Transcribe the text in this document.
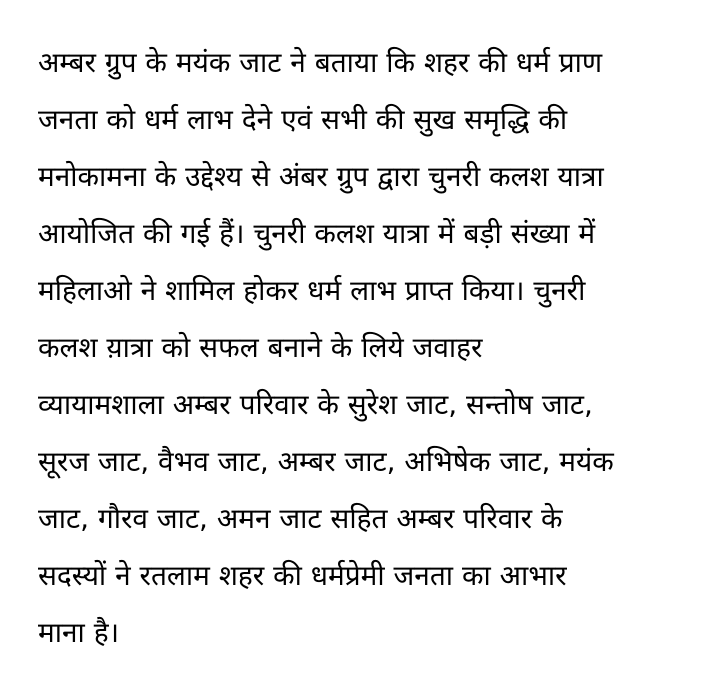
अम्बर ग्रुप के मयंक जाट ने बताया कि शहर की धर्म प्राण
जनता को धर्म लाभ देने एवं सभी की सुख समृद्धि की
मनोकामना के उद्देश्य से अंबर ग्रुप द्वारा चुनरी कलश यात्रा
आयोजित की गई हैं। चुनरी कलश यात्रा में बड़ी संख्या में
महिलाओ ने शामिल होकर धर्म लाभ प्राप्त किया। चुनरी
कलश य़ात्रा को सफल बनाने के लिये जवाहर
व्यायामशाला अम्बर परिवार के सुरेश जाट, सन्तोष जाट,
सूरज जाट, वैभव जाट, अम्बर जाट, अभिषेक जाट, मयंक
जाट, गौरव जाट, अमन जाट सहित अम्बर परिवार के
सदस्यों ने रतलाम शहर की धर्मप्रेमी जनता का आभार
माना है।
